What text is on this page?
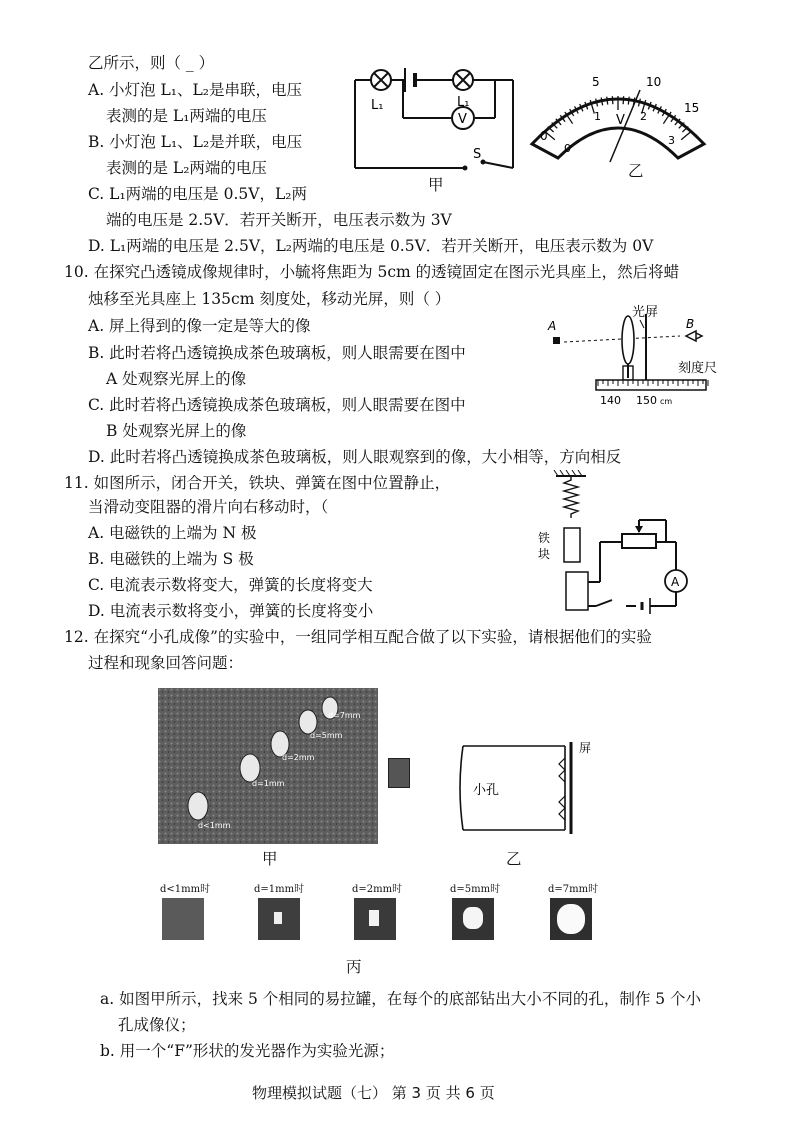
乙所示，则（ _ ）
A. 小灯泡 L₁、L₂是串联，电压
表测的是 L₁两端的电压
B. 小灯泡 L₁、L₂是并联，电压
表测的是 L₂两端的电压
C. L₁两端的电压是 0.5V，L₂两
端的电压是 2.5V．若开关断开，电压表示数为 3V
D. L₁两端的电压是 2.5V，L₂两端的电压是 0.5V．若开关断开，电压表示数为 0V
L₁	L₁
V
S
甲
0
5	10
15
0
1	2
3
V
乙
10. 在探究凸透镜成像规律时，小毓将焦距为 5cm 的透镜固定在图示光具座上，然后将蜡
烛移至光具座上 135cm 刻度处，移动光屏，则（ ）
A. 屏上得到的像一定是等大的像
B. 此时若将凸透镜换成茶色玻璃板，则人眼需要在图中
A 处观察光屏上的像
C. 此时若将凸透镜换成茶色玻璃板，则人眼需要在图中
B 处观察光屏上的像
D. 此时若将凸透镜换成茶色玻璃板，则人眼观察到的像，大小相等，方向相反
A	B
光屏
刻度尺
140 150 cm
11. 如图所示，闭合开关，铁块、弹簧在图中位置静止，
当滑动变阻器的滑片向右移动时，（
A. 电磁铁的上端为 N 极
B. 电磁铁的上端为 S 极
C. 电流表示数将变大，弹簧的长度将变大
D. 电流表示数将变小，弹簧的长度将变小
铁
块
A
12. 在探究“小孔成像”的实验中，一组同学相互配合做了以下实验，请根据他们的实验
过程和现象回答问题：
d=7mm
d=5mm
d=2mm
d=1mm
d<1mm
甲
小孔
屏
乙
d<1mm时	d=1mm时	d=2mm时	d=5mm时	d=7mm时
丙
a. 如图甲所示，找来 5 个相同的易拉罐，在每个的底部钻出大小不同的孔，制作 5 个小
孔成像仪；
b. 用一个“F”形状的发光器作为实验光源；
物理模拟试题（七） 第 3 页 共 6 页
